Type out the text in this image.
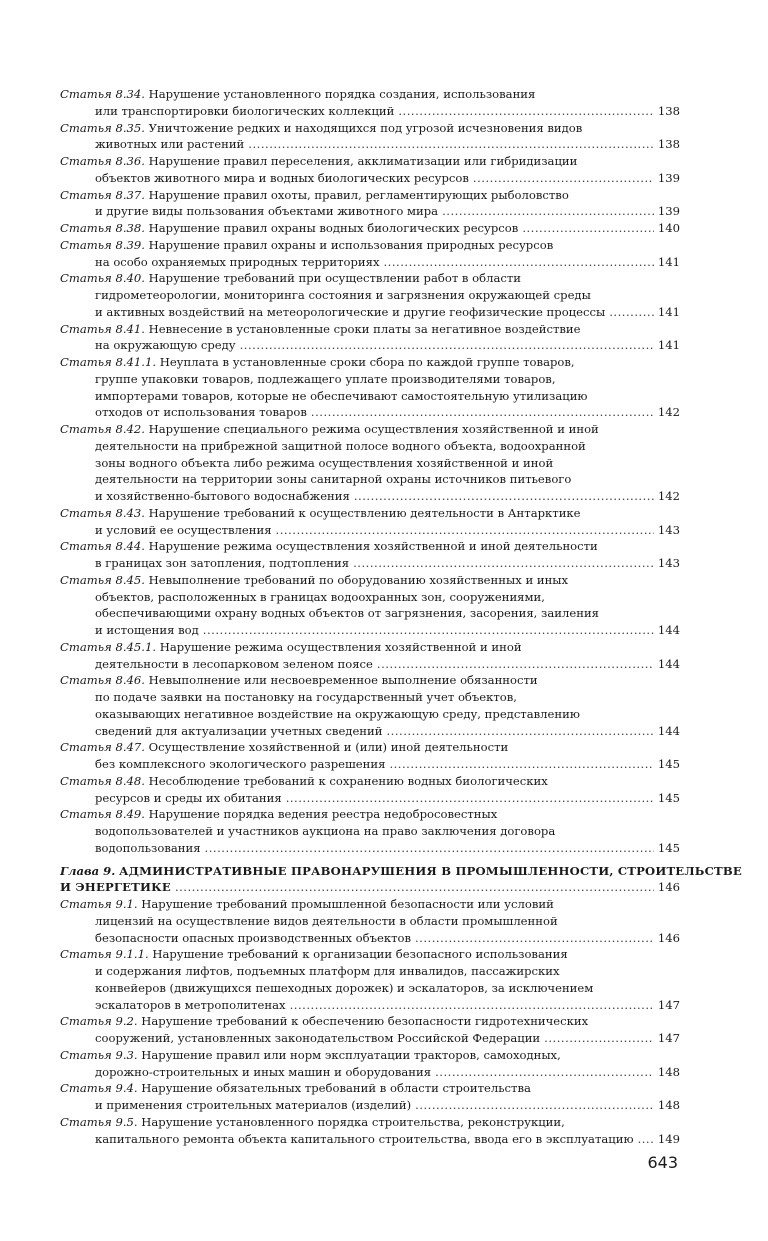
Статья 8.34.
Нарушение установленного порядка создания, использования
или транспортировки биологических коллекций .....	138
Статья 8.35.
Уничтожение редких и находящихся под угрозой исчезновения видов
животных или растений .....	138
Статья 8.36.
Нарушение правил переселения, акклиматизации или гибридизации
объектов животного мира и водных биологических ресурсов .....	139
Статья 8.37.
Нарушение правил охоты, правил, регламентирующих рыболовство
и другие виды пользования объектами животного мира .....	139
Статья 8.38.
Нарушение правил охраны водных биологических ресурсов .....	140
Статья 8.39.
Нарушение правил охраны и использования природных ресурсов
на особо охраняемых природных территориях .....	141
Статья 8.40.
Нарушение требований при осуществлении работ в области
гидрометеорологии, мониторинга состояния и загрязнения окружающей среды
и активных воздействий на метеорологические и другие геофизические процессы .....	141
Статья 8.41.
Невнесение в установленные сроки платы за негативное воздействие
на окружающую среду .....	141
Статья 8.41.1.
Неуплата в установленные сроки сбора по каждой группе товаров,
группе упаковки товаров, подлежащего уплате производителями товаров,
импортерами товаров, которые не обеспечивают самостоятельную утилизацию
отходов от использования товаров .....	142
Статья 8.42.
Нарушение специального режима осуществления хозяйственной и иной
деятельности на прибрежной защитной полосе водного объекта, водоохранной
зоны водного объекта либо режима осуществления хозяйственной и иной
деятельности на территории зоны санитарной охраны источников питьевого
и хозяйственно-бытового водоснабжения .....	142
Статья 8.43.
Нарушение требований к осуществлению деятельности в Антарктике
и условий ее осуществления .....	143
Статья 8.44.
Нарушение режима осуществления хозяйственной и иной деятельности
в границах зон затопления, подтопления .....	143
Статья 8.45.
Невыполнение требований по оборудованию хозяйственных и иных
объектов, расположенных в границах водоохранных зон, сооружениями,
обеспечивающими охрану водных объектов от загрязнения, засорения, заиления
и истощения вод .....	144
Статья 8.45.1.
Нарушение режима осуществления хозяйственной и иной
деятельности в лесопарковом зеленом поясе .....	144
Статья 8.46.
Невыполнение или несвоевременное выполнение обязанности
по подаче заявки на постановку на государственный учет объектов,
оказывающих негативное воздействие на окружающую среду, представлению
сведений для актуализации учетных сведений .....	144
Статья 8.47.
Осуществление хозяйственной и (или) иной деятельности
без комплексного экологического разрешения .....	145
Статья 8.48.
Несоблюдение требований к сохранению водных биологических
ресурсов и среды их обитания .....	145
Статья 8.49.
Нарушение порядка ведения реестра недобросовестных
водопользователей и участников аукциона на право заключения договора
водопользования .....	145
Глава 9.
АДМИНИСТРАТИВНЫЕ ПРАВОНАРУШЕНИЯ В ПРОМЫШЛЕННОСТИ, СТРОИТЕЛЬСТВЕ
И ЭНЕРГЕТИКЕ .....	146
Статья 9.1.
Нарушение требований промышленной безопасности или условий
лицензий на осуществление видов деятельности в области промышленной
безопасности опасных производственных объектов .....	146
Статья 9.1.1.
Нарушение требований к организации безопасного использования
и содержания лифтов, подъемных платформ для инвалидов, пассажирских
конвейеров (движущихся пешеходных дорожек) и эскалаторов, за исключением
эскалаторов в метрополитенах .....	147
Статья 9.2.
Нарушение требований к обеспечению безопасности гидротехнических
сооружений, установленных законодательством Российской Федерации .....	147
Статья 9.3.
Нарушение правил или норм эксплуатации тракторов, самоходных,
дорожно-строительных и иных машин и оборудования .....	148
Статья 9.4.
Нарушение обязательных требований в области строительства
и применения строительных материалов (изделий) .....	148
Статья 9.5.
Нарушение установленного порядка строительства, реконструкции,
капитального ремонта объекта капитального строительства, ввода его в эксплуатацию ..... 149
643
